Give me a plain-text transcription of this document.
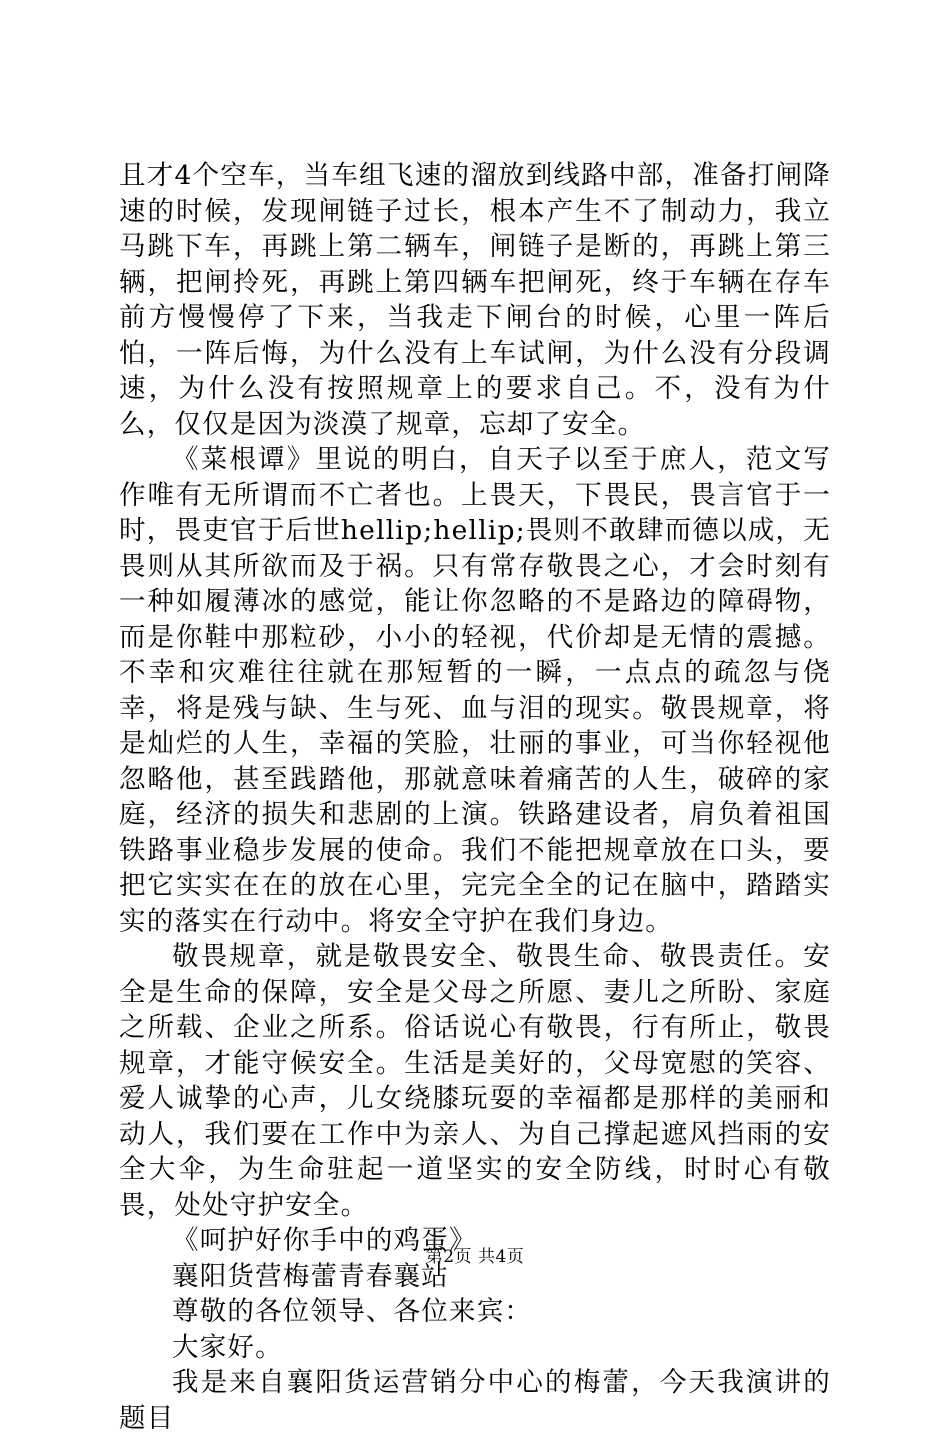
且才4个空车，当车组飞速的溜放到线路中部，准备打闸降速的时候，发现闸链子过长，根本产生不了制动力，我立马跳下车，再跳上第二辆车，闸链子是断的，再跳上第三辆，把闸拎死，再跳上第四辆车把闸死，终于车辆在存车前方慢慢停了下来，当我走下闸台的时候，心里一阵后怕，一阵后悔，为什么没有上车试闸，为什么没有分段调速，为什么没有按照规章上的要求自己。不，没有为什么，仅仅是因为淡漠了规章，忘却了安全。

《菜根谭》里说的明白，自天子以至于庶人，范文写作唯有无所谓而不亡者也。上畏天，下畏民，畏言官于一时，畏吏官于后世hellip;hellip;畏则不敢肆而德以成，无畏则从其所欲而及于祸。只有常存敬畏之心，才会时刻有一种如履薄冰的感觉，能让你忽略的不是路边的障碍物，而是你鞋中那粒砂，小小的轻视，代价却是无情的震撼。不幸和灾难往往就在那短暂的一瞬，一点点的疏忽与侥幸，将是残与缺、生与死、血与泪的现实。敬畏规章，将是灿烂的人生，幸福的笑脸，壮丽的事业，可当你轻视他忽略他，甚至践踏他，那就意味着痛苦的人生，破碎的家庭，经济的损失和悲剧的上演。铁路建设者，肩负着祖国铁路事业稳步发展的使命。我们不能把规章放在口头，要把它实实在在的放在心里，完完全全的记在脑中，踏踏实实的落实在行动中。将安全守护在我们身边。

敬畏规章，就是敬畏安全、敬畏生命、敬畏责任。安全是生命的保障，安全是父母之所愿、妻儿之所盼、家庭之所载、企业之所系。俗话说心有敬畏，行有所止，敬畏规章，才能守候安全。生活是美好的，父母宽慰的笑容、爱人诚挚的心声，儿女绕膝玩耍的幸福都是那样的美丽和动人，我们要在工作中为亲人、为自己撑起遮风挡雨的安全大伞，为生命驻起一道坚实的安全防线，时时心有敬畏，处处守护安全。

《呵护好你手中的鸡蛋》

襄阳货营梅蕾青春襄站

尊敬的各位领导、各位来宾：

大家好。

我是来自襄阳货运营销分中心的梅蕾，今天我演讲的题目

第2页 共4页
